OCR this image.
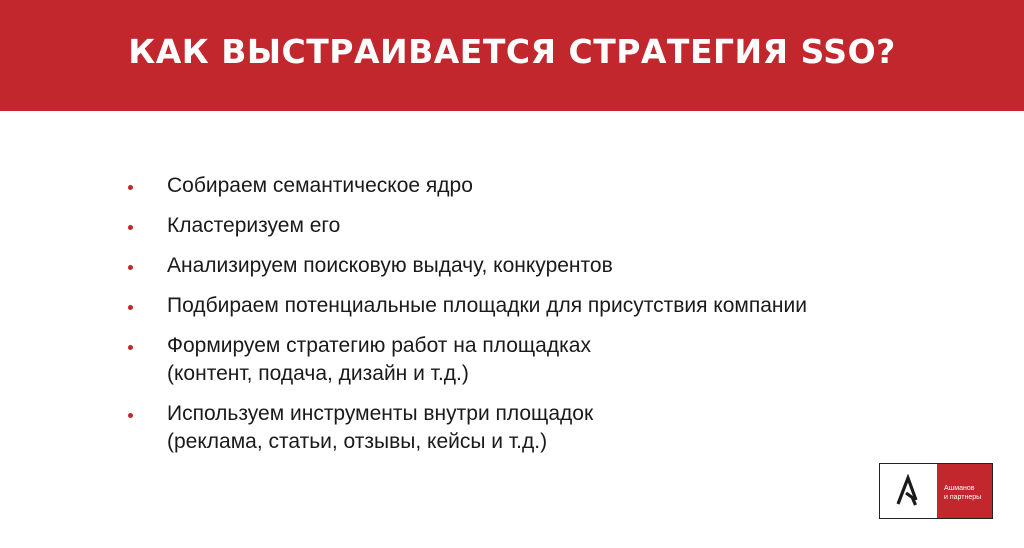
КАК ВЫСТРАИВАЕТСЯ СТРАТЕГИЯ SSO?
Собираем семантическое ядро
Кластеризуем его
Анализируем поисковую выдачу, конкурентов
Подбираем потенциальные площадки для присутствия компании
Формируем стратегию работ на площадках
(контент, подача, дизайн и т.д.)
Используем инструменты внутри площадок
(реклама, статьи, отзывы, кейсы и т.д.)
Ашманов
и партнеры
